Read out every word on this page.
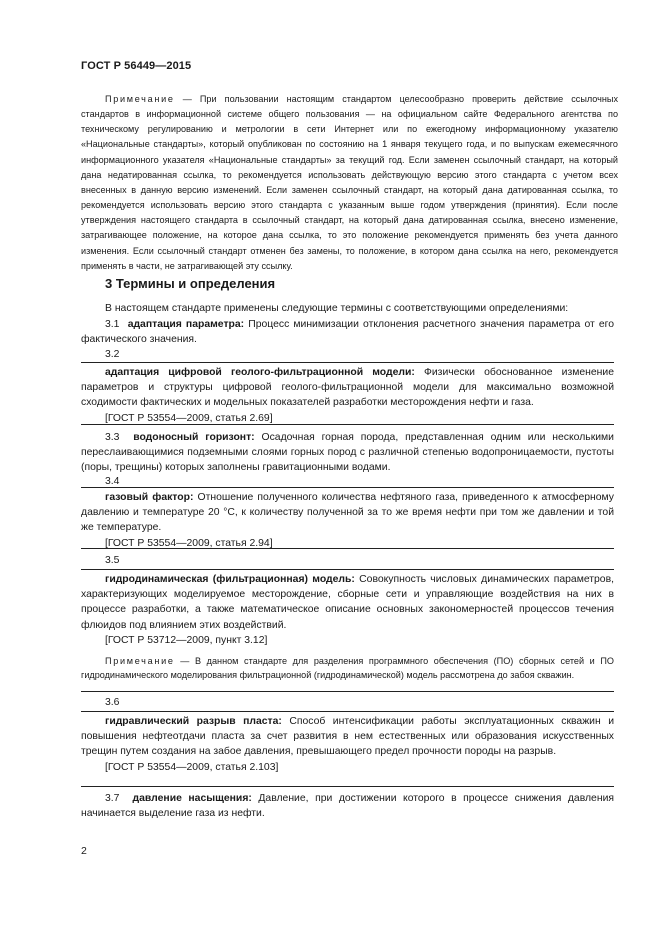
ГОСТ Р 56449—2015

Примечание — При пользовании настоящим стандартом целесообразно проверить действие ссылочных стандартов в информационной системе общего пользования — на официальном сайте Федерального агентства по техническому регулированию и метрологии в сети Интернет или по ежегодному информационному указателю «Национальные стандарты», который опубликован по состоянию на 1 января текущего года, и по выпускам ежемесячного информационного указателя «Национальные стандарты» за текущий год. Если заменен ссылочный стандарт, на который дана недатированная ссылка, то рекомендуется использовать действующую версию этого стандарта с учетом всех внесенных в данную версию изменений. Если заменен ссылочный стандарт, на который дана датированная ссылка, то рекомендуется использовать версию этого стандарта с указанным выше годом утверждения (принятия). Если после утверждения настоящего стандарта в ссылочный стандарт, на который дана датированная ссылка, внесено изменение, затрагивающее положение, на которое дана ссылка, то это положение рекомендуется применять без учета данного изменения. Если ссылочный стандарт отменен без замены, то положение, в котором дана ссылка на него, рекомендуется применять в части, не затрагивающей эту ссылку.

3 Термины и определения

В настоящем стандарте применены следующие термины с соответствующими определениями:

3.1 адаптация параметра: Процесс минимизации отклонения расчетного значения параметра от его фактического значения.

3.2

адаптация цифровой геолого-фильтрационной модели: Физически обоснованное изменение параметров и структуры цифровой геолого-фильтрационной модели для максимально возможной сходимости фактических и модельных показателей разработки месторождения нефти и газа.

[ГОСТ Р 53554—2009, статья 2.69]

3.3 водоносный горизонт: Осадочная горная порода, представленная одним или несколькими переслаивающимися подземными слоями горных пород с различной степенью водопроницаемости, пустоты (поры, трещины) которых заполнены гравитационными водами.

3.4

газовый фактор: Отношение полученного количества нефтяного газа, приведенного к атмосферному давлению и температуре 20 °С, к количеству полученной за то же время нефти при том же давлении и той же температуре.

[ГОСТ Р 53554—2009, статья 2.94]

3.5

гидродинамическая (фильтрационная) модель: Совокупность числовых динамических параметров, характеризующих моделируемое месторождение, сборные сети и управляющие воздействия на них в процессе разработки, а также математическое описание основных закономерностей процессов течения флюидов под влиянием этих воздействий.

[ГОСТ Р 53712—2009, пункт 3.12]

Примечание — В данном стандарте для разделения программного обеспечения (ПО) сборных сетей и ПО гидродинамического моделирования фильтрационной (гидродинамической) модель рассмотрена до забоя скважин.

3.6

гидравлический разрыв пласта: Способ интенсификации работы эксплуатационных скважин и повышения нефтеотдачи пласта за счет развития в нем естественных или образования искусственных трещин путем создания на забое давления, превышающего предел прочности породы на разрыв.

[ГОСТ Р 53554—2009, статья 2.103]

3.7 давление насыщения: Давление, при достижении которого в процессе снижения давления начинается выделение газа из нефти.

2
